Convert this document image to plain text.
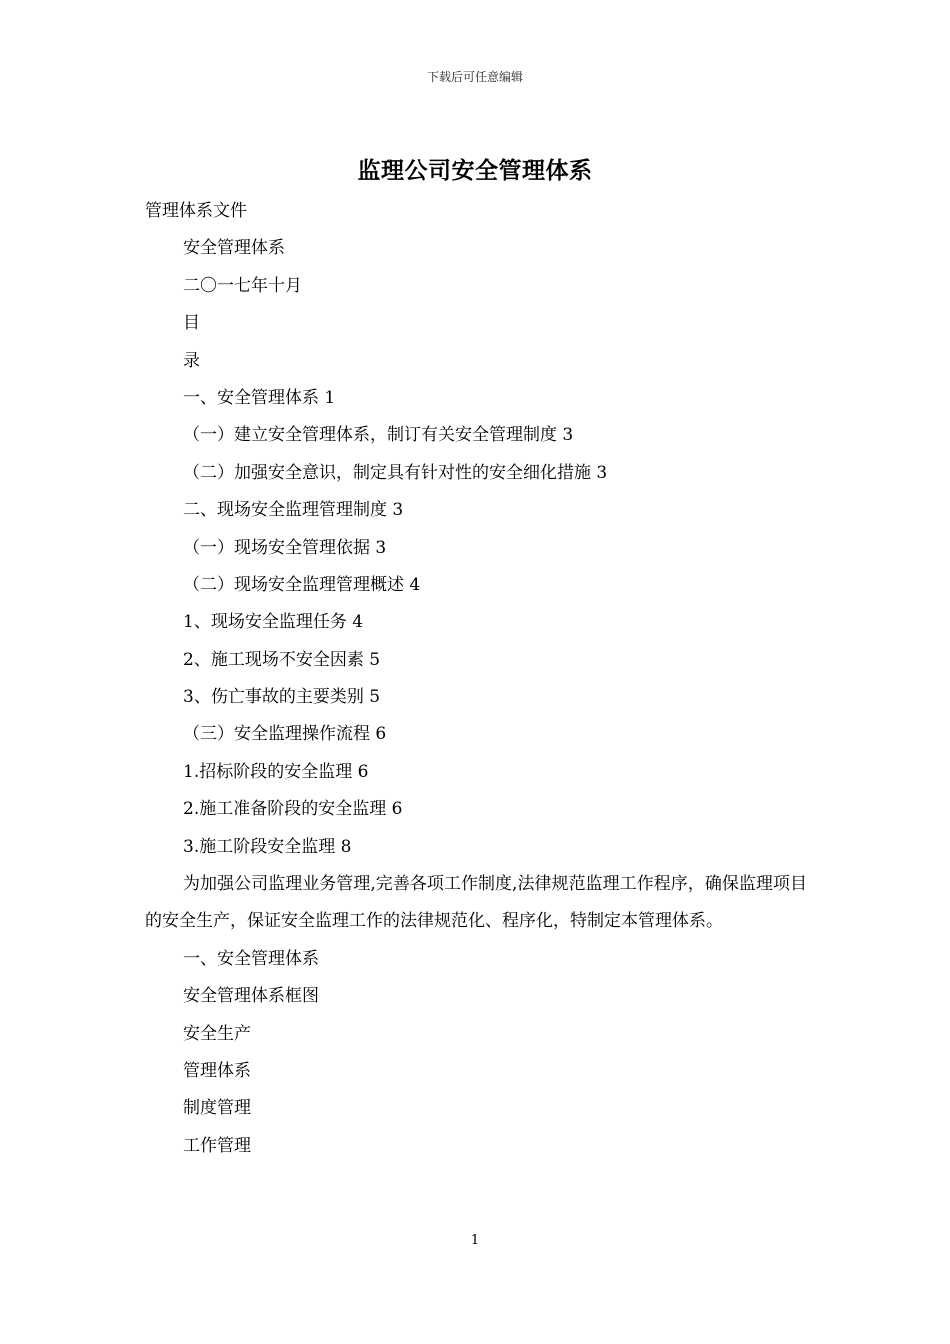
下载后可任意编辑
监理公司安全管理体系
管理体系文件
安全管理体系
二〇一七年十月
目
录
一、安全管理体系 1
（一）建立安全管理体系，制订有关安全管理制度 3
（二）加强安全意识，制定具有针对性的安全细化措施 3
二、现场安全监理管理制度 3
（一）现场安全管理依据 3
（二）现场安全监理管理概述 4
1、现场安全监理任务 4
2、施工现场不安全因素 5
3、伤亡事故的主要类别 5
（三）安全监理操作流程 6
1.招标阶段的安全监理 6
2.施工准备阶段的安全监理 6
3.施工阶段安全监理 8

为加强公司监理业务管理,完善各项工作制度,法律规范监理工作程序，确保监理项目的安全生产，保证安全监理工作的法律规范化、程序化，特制定本管理体系。

一、安全管理体系
安全管理体系框图
安全生产
管理体系
制度管理
工作管理
1
